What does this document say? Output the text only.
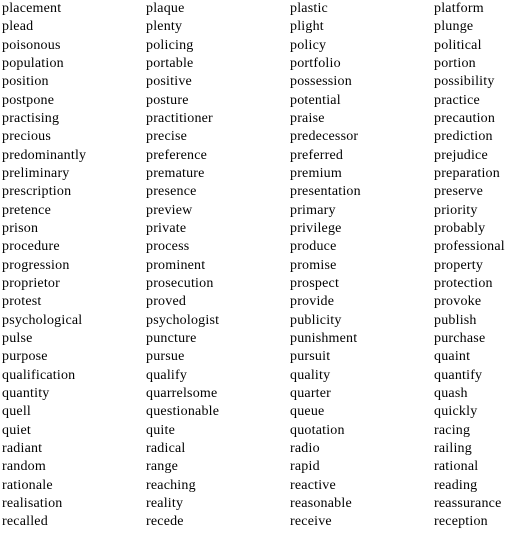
placement
plead
poisonous
population
position
postpone
practising
precious
predominantly
preliminary
prescription
pretence
prison
procedure
progression
proprietor
protest
psychological
pulse
purpose
qualification
quantity
quell
quiet
radiant
random
rationale
realisation
recalled
plaque
plenty
policing
portable
positive
posture
practitioner
precise
preference
premature
presence
preview
private
process
prominent
prosecution
proved
psychologist
puncture
pursue
qualify
quarrelsome
questionable
quite
radical
range
reaching
reality
recede
plastic
plight
policy
portfolio
possession
potential
praise
predecessor
preferred
premium
presentation
primary
privilege
produce
promise
prospect
provide
publicity
punishment
pursuit
quality
quarter
queue
quotation
radio
rapid
reactive
reasonable
receive
platform
plunge
political
portion
possibility
practice
precaution
prediction
prejudice
preparation
preserve
priority
probably
professional
property
protection
provoke
publish
purchase
quaint
quantify
quash
quickly
racing
railing
rational
reading
reassurance
reception
